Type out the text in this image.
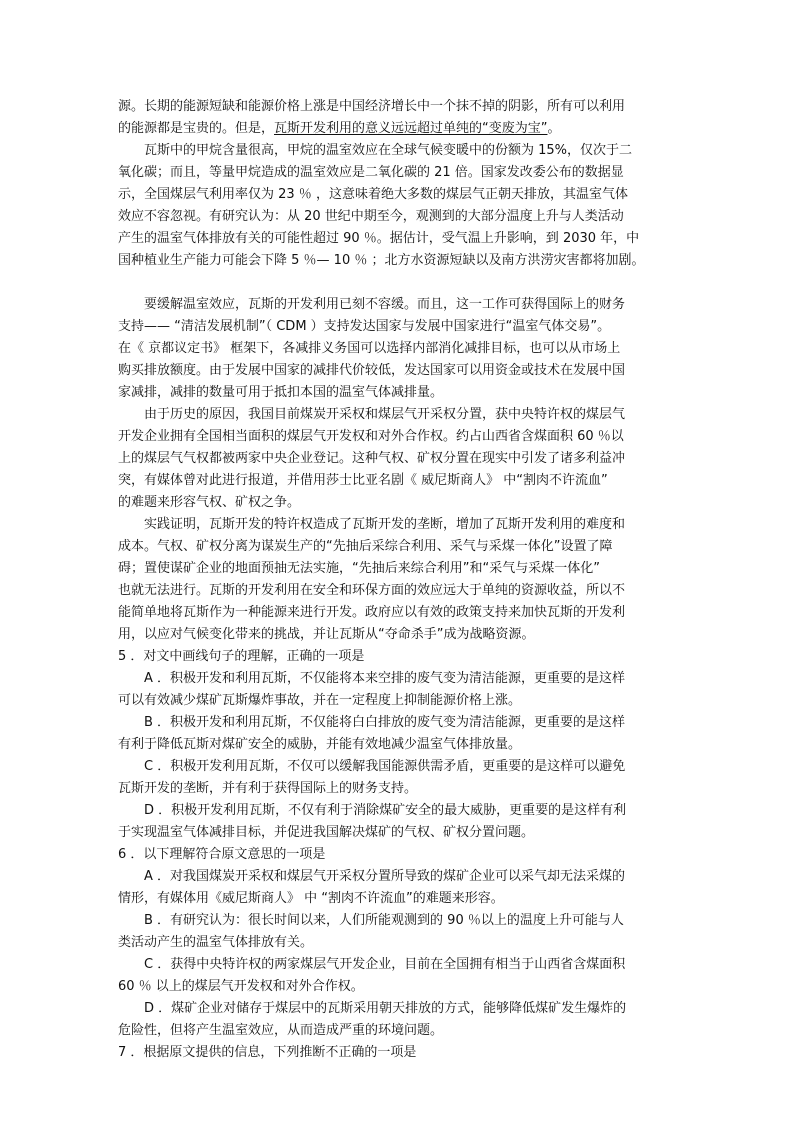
源。长期的能源短缺和能源价格上涨是中国经济增长中一个抹不掉的阴影，所有可以利用
的能源都是宝贵的。但是，瓦斯开发利用的意义远远超过单纯的“变废为宝”。
瓦斯中的甲烷含量很高，甲烷的温室效应在全球气候变暖中的份额为 15%，仅次于二
氧化碳；而且，等量甲烷造成的温室效应是二氧化碳的 21 倍。国家发改委公布的数据显
示，全国煤层气利用率仅为 23 ％ ，这意味着绝大多数的煤层气正朝天排放，其温室气体
效应不容忽视。有研究认为：从 20 世纪中期至今，观测到的大部分温度上升与人类活动
产生的温室气体排放有关的可能性超过 90 ％。据估计，受气温上升影响，到 2030 年，中
国种植业生产能力可能会下降 5 ％— 10 ％ ；北方水资源短缺以及南方洪涝灾害都将加剧。
要缓解温室效应，瓦斯的开发利用已刻不容缓。而且，这一工作可获得国际上的财务
支持—— “清洁发展机制”（ CDM ）支持发达国家与发展中国家进行“温室气体交易”。
在《 京都议定书》 框架下，各减排义务国可以选择内部消化减排目标，也可以从市场上
购买排放额度。由于发展中国家的减排代价较低，发达国家可以用资金或技术在发展中国
家减排，减排的数量可用于抵扣本国的温室气体减排量。
由于历史的原因，我国目前煤炭开采权和煤层气开采权分置，获中央特许权的煤层气
开发企业拥有全国相当面积的煤层气开发权和对外合作权。约占山西省含煤面积 60 ％以
上的煤层气气权都被两家中央企业登记。这种气权、矿权分置在现实中引发了诸多利益冲
突，有媒体曾对此进行报道，并借用莎士比亚名剧《 威尼斯商人》 中“割肉不许流血”
的难题来形容气权、矿权之争。
实践证明，瓦斯开发的特许权造成了瓦斯开发的垄断，增加了瓦斯开发利用的难度和
成本。气权、矿权分离为谋炭生产的“先抽后采综合利用、采气与采煤一体化”设置了障
碍；置使谋矿企业的地面预抽无法实施，“先抽后来综合利用”和“采气与采煤一体化”
也就无法进行。瓦斯的开发利用在安全和环保方面的效应远大于单纯的资源收益，所以不
能简单地将瓦斯作为一种能源来进行开发。政府应以有效的政策支持来加快瓦斯的开发利
用，以应对气候变化带来的挑战，并让瓦斯从“夺命杀手”成为战略资源。
5 ．对文中画线句子的理解，正确的一项是
A ．积极开发和利用瓦斯，不仅能将本来空排的废气变为清洁能源，更重要的是这样
可以有效减少煤矿瓦斯爆炸事故，并在一定程度上抑制能源价格上涨。
B ．积极开发和利用瓦斯，不仅能将白白排放的废气变为清洁能源，更重要的是这样
有利于降低瓦斯对煤矿安全的威胁，并能有效地减少温室气体排放量。
C ．积极开发利用瓦斯，不仅可以缓解我国能源供需矛盾，更重要的是这样可以避免
瓦斯开发的垄断，并有利于获得国际上的财务支持。
D ．积极开发利用瓦斯，不仅有利于消除煤矿安全的最大威胁，更重要的是这样有利
于实现温室气体减排目标，并促进我国解决煤矿的气权、矿权分置问题。
6 ．以下理解符合原文意思的一项是
A ．对我国煤炭开采权和煤层气开采权分置所导致的煤矿企业可以采气却无法采煤的
情形，有媒体用《威尼斯商人》 中 “割肉不许流血”的难题来形容。
B ．有研究认为：很长时间以来，人们所能观测到的 90 ％以上的温度上升可能与人
类活动产生的温室气体排放有关。
C ．获得中央特许权的两家煤层气开发企业，目前在全国拥有相当于山西省含煤面积
60 ％ 以上的煤层气开发权和对外合作权。
D ．煤矿企业对储存于煤层中的瓦斯采用朝天排放的方式，能够降低煤矿发生爆炸的
危险性，但将产生温室效应，从而造成严重的环境问题。
7 ．根据原文提供的信息，下列推断不正确的一项是
